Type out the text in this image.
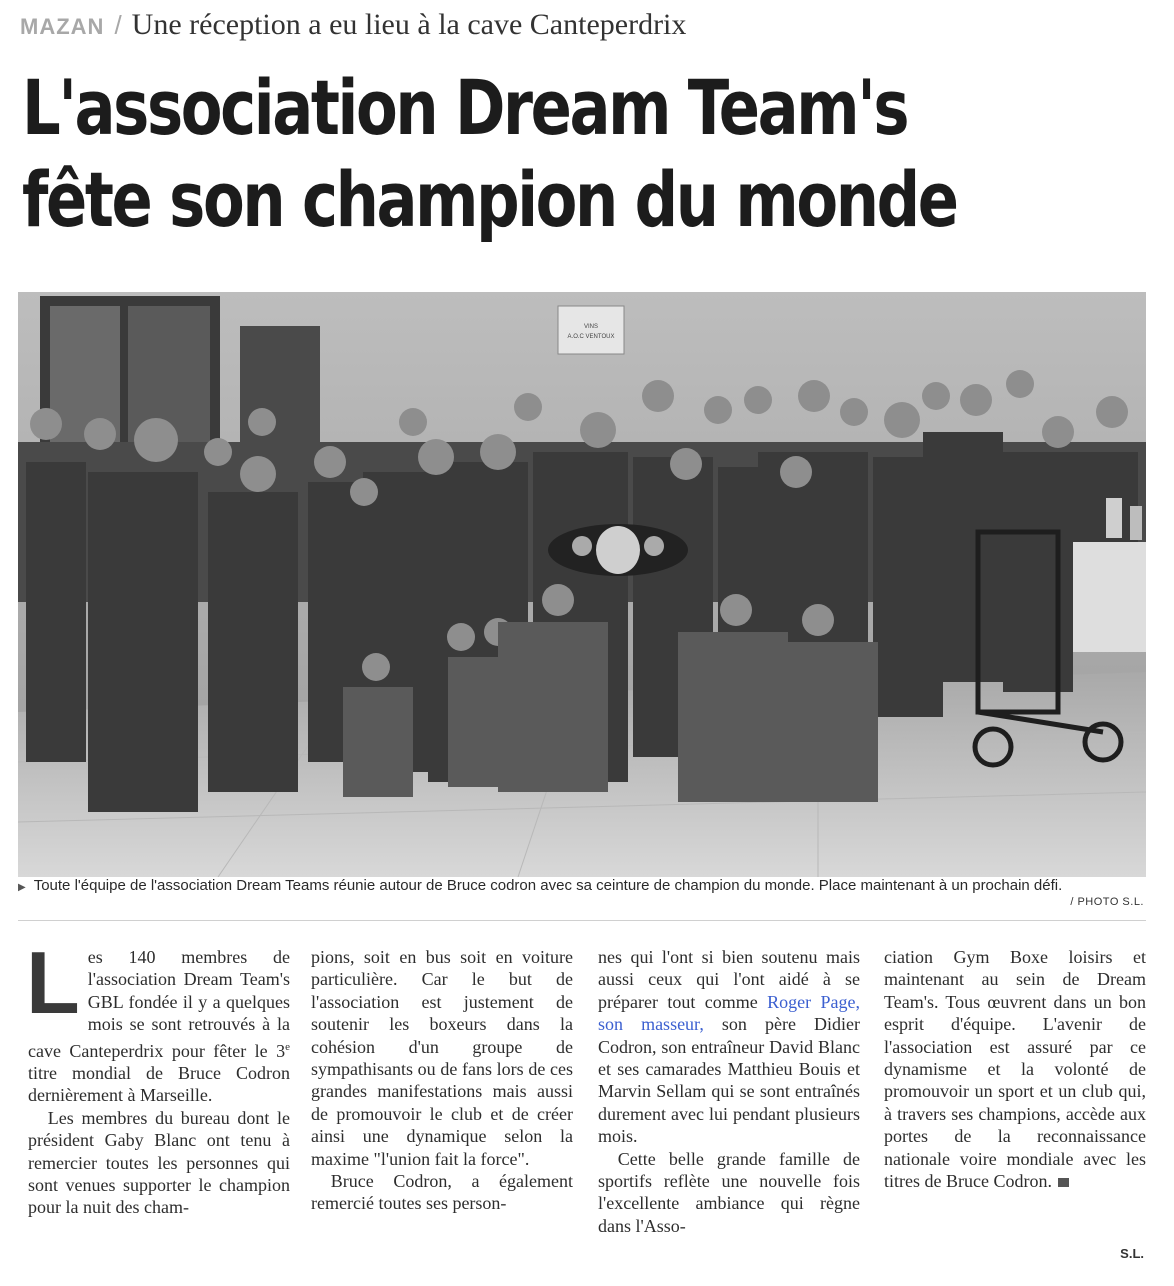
MAZAN / Une réception a eu lieu à la cave Canteperdrix
L'association Dream Team's
fête son champion du monde
VINS
A.O.C VENTOUX
▶ Toute l'équipe de l'association Dream Teams réunie autour de Bruce codron avec sa ceinture de champion du monde. Place maintenant à un prochain défi.
/ PHOTO S.L.

Les 140 membres de l'association Dream Team's GBL fondée il y a quelques mois se sont retrouvés à la cave Canteperdrix pour fêter le 3e titre mondial de Bruce Codron dernièrement à Marseille.

Les membres du bureau dont le président Gaby Blanc ont tenu à remercier toutes les personnes qui sont venues supporter le champion pour la nuit des cham-

pions, soit en bus soit en voiture particulière. Car le but de l'association est justement de soutenir les boxeurs dans la cohésion d'un groupe de sympathisants ou de fans lors de ces grandes manifestations mais aussi de promouvoir le club et de créer ainsi une dynamique selon la maxime "l'union fait la force".

Bruce Codron, a également remercié toutes ses person-

nes qui l'ont si bien soutenu mais aussi ceux qui l'ont aidé à se préparer tout comme Roger Page, son masseur, son père Didier Codron, son entraîneur David Blanc et ses camarades Matthieu Bouis et Marvin Sellam qui se sont entraînés durement avec lui pendant plusieurs mois.

Cette belle grande famille de sportifs reflète une nouvelle fois l'excellente ambiance qui règne dans l'Asso-

ciation Gym Boxe loisirs et maintenant au sein de Dream Team's. Tous œuvrent dans un bon esprit d'équipe. L'avenir de l'association est assuré par ce dynamisme et la volonté de promouvoir un sport et un club qui, à travers ses champions, accède aux portes de la reconnaissance nationale voire mondiale avec les titres de Bruce Codron.

S.L.
